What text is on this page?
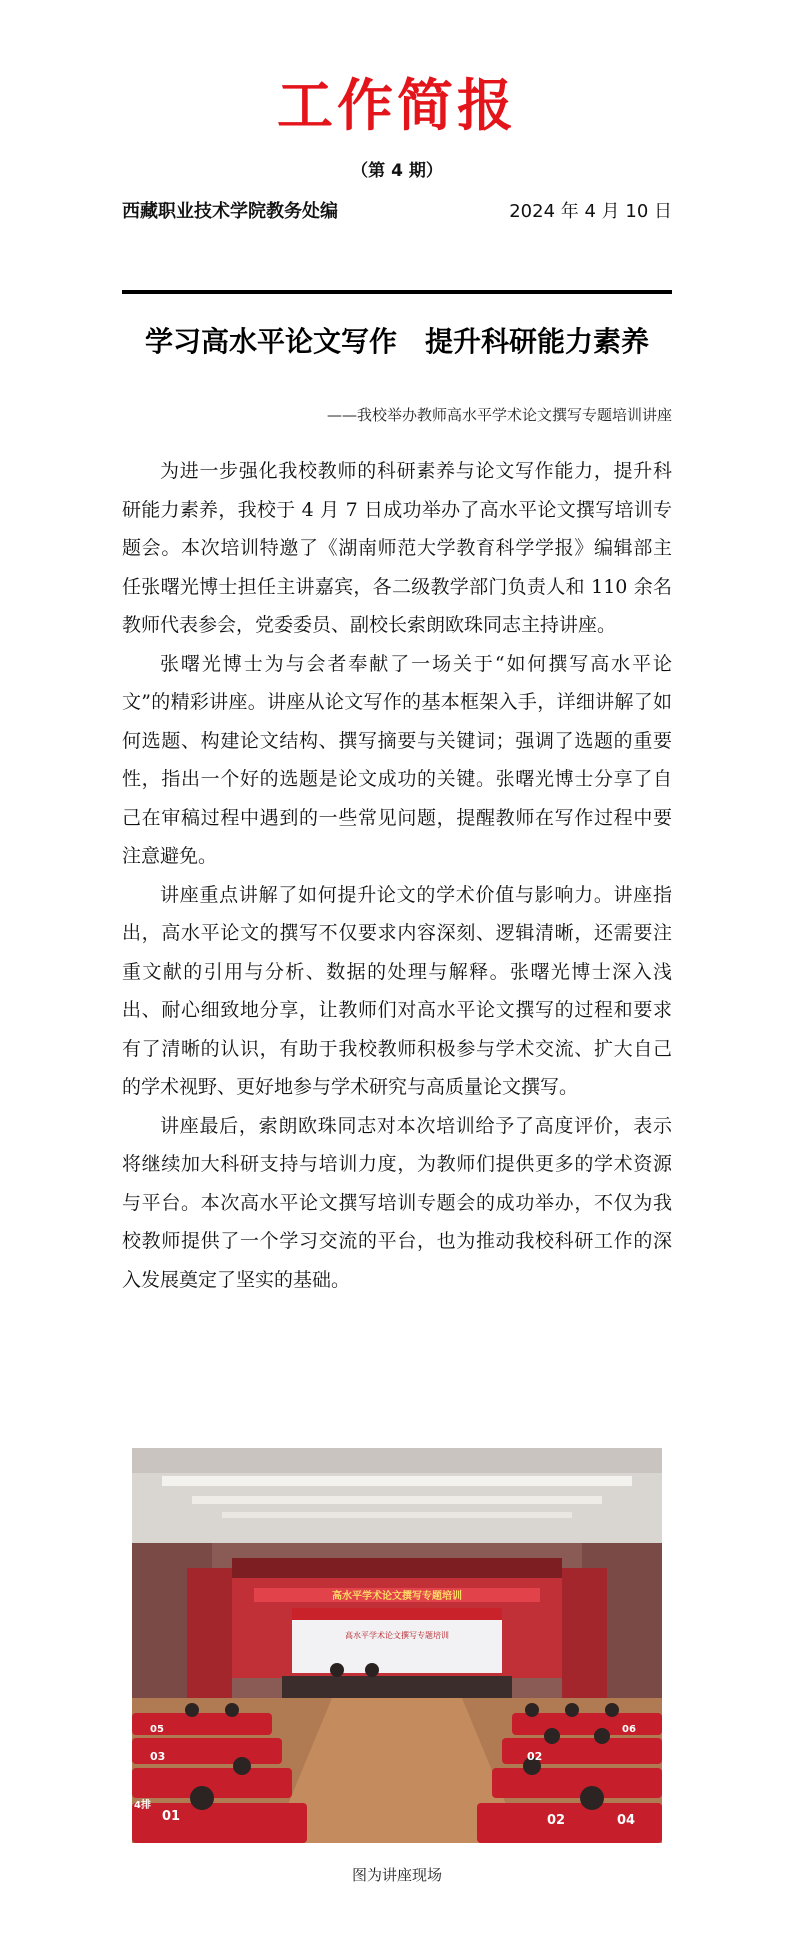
工作简报
（第 4 期）
西藏职业技术学院教务处编	2024 年 4 月 10 日
学习高水平论文写作　提升科研能力素养
——我校举办教师高水平学术论文撰写专题培训讲座

为进一步强化我校教师的科研素养与论文写作能力，提升科研能力素养，我校于 4 月 7 日成功举办了高水平论文撰写培训专题会。本次培训特邀了《湖南师范大学教育科学学报》编辑部主任张曙光博士担任主讲嘉宾，各二级教学部门负责人和 110 余名教师代表参会，党委委员、副校长索朗欧珠同志主持讲座。

张曙光博士为与会者奉献了一场关于“如何撰写高水平论文”的精彩讲座。讲座从论文写作的基本框架入手，详细讲解了如何选题、构建论文结构、撰写摘要与关键词；强调了选题的重要性，指出一个好的选题是论文成功的关键。张曙光博士分享了自己在审稿过程中遇到的一些常见问题，提醒教师在写作过程中要注意避免。

讲座重点讲解了如何提升论文的学术价值与影响力。讲座指出，高水平论文的撰写不仅要求内容深刻、逻辑清晰，还需要注重文献的引用与分析、数据的处理与解释。张曙光博士深入浅出、耐心细致地分享，让教师们对高水平论文撰写的过程和要求有了清晰的认识，有助于我校教师积极参与学术交流、扩大自己的学术视野、更好地参与学术研究与高质量论文撰写。

讲座最后，索朗欧珠同志对本次培训给予了高度评价，表示将继续加大科研支持与培训力度，为教师们提供更多的学术资源与平台。本次高水平论文撰写培训专题会的成功举办，不仅为我校教师提供了一个学习交流的平台，也为推动我校科研工作的深入发展奠定了坚实的基础。

高水平学术论文撰写专题培训
高水平学术论文撰写专题培训
05
03
01
4排
02
02	04
06
图为讲座现场
